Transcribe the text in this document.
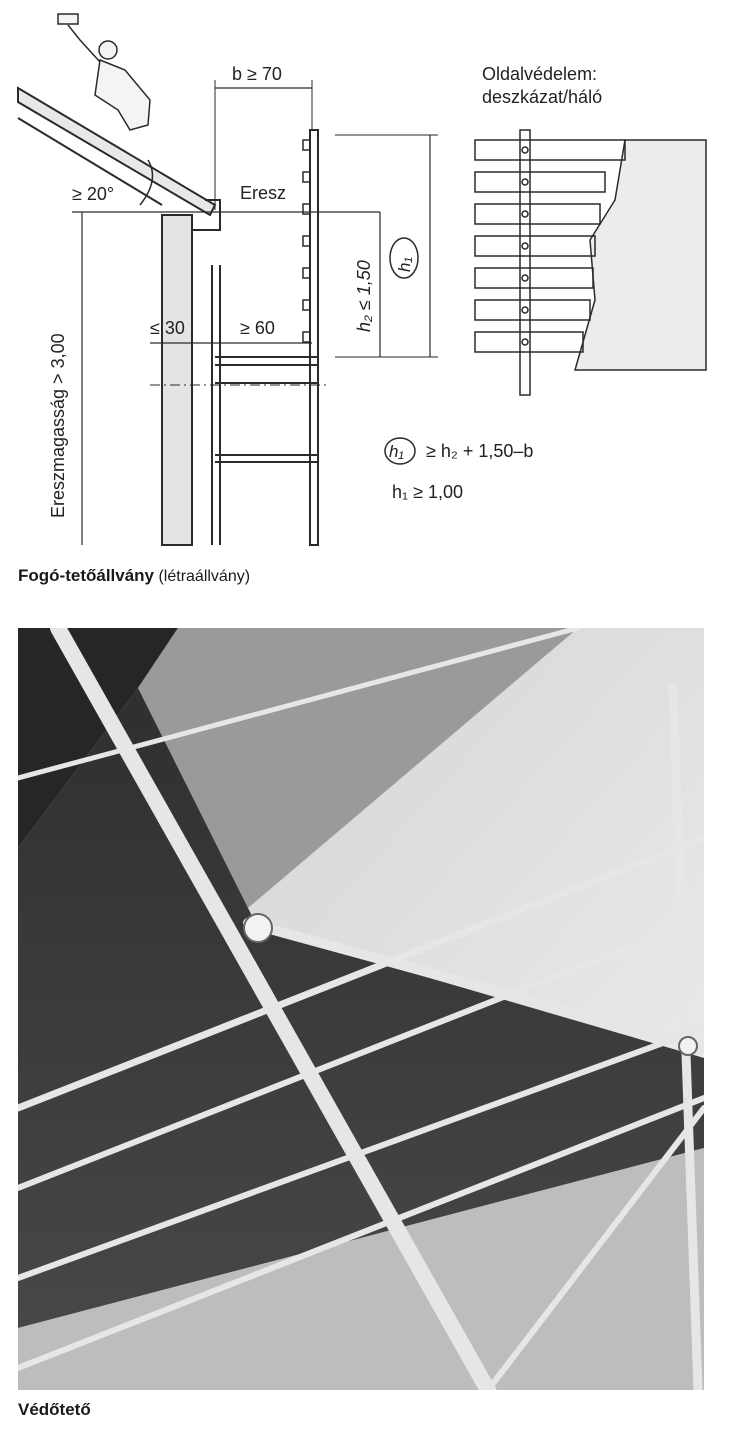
b ≥ 70
Eresz
≥ 20°
Oldalvédelem:
deszkázat/háló
Ereszmagasság > 3,00
≤ 30	≥ 60	h₂ ≤ 1,50 h₁
h₁ ≥ h₂ + 1,50–b
h₁ ≥ 1,00
Fogó-tetőállvány (létraállvány)
Védőtető
